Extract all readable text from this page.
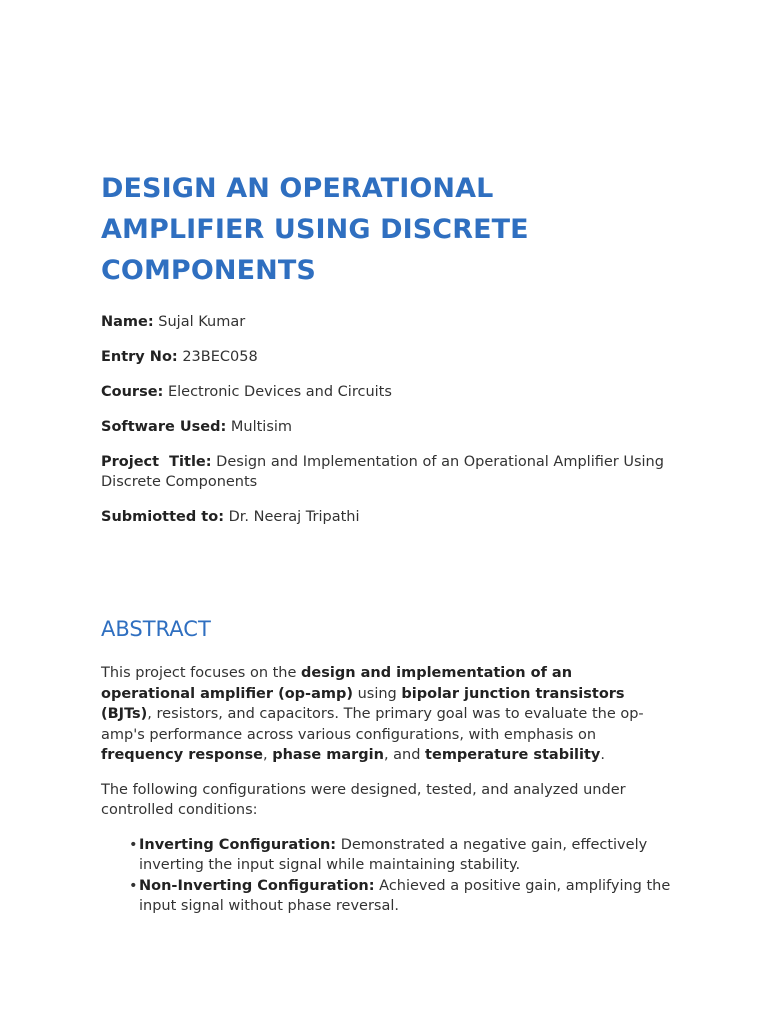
DESIGN AN OPERATIONAL
AMPLIFIER USING DISCRETE
COMPONENTS

Name: Sujal Kumar

Entry No: 23BEC058

Course: Electronic Devices and Circuits

Software Used: Multisim

Project  Title: Design and Implementation of an Operational Amplifier Using Discrete Components

Submiotted to: Dr. Neeraj Tripathi

ABSTRACT

This project focuses on the design and implementation of an operational amplifier (op-amp) using bipolar junction transistors (BJTs), resistors, and capacitors. The primary goal was to evaluate the op-amp's performance across various configurations, with emphasis on frequency response, phase margin, and temperature stability.

The following configurations were designed, tested, and analyzed under controlled conditions:

• Inverting Configuration: Demonstrated a negative gain, effectively inverting the input signal while maintaining stability.
• Non-Inverting Configuration: Achieved a positive gain, amplifying the input signal without phase reversal.
